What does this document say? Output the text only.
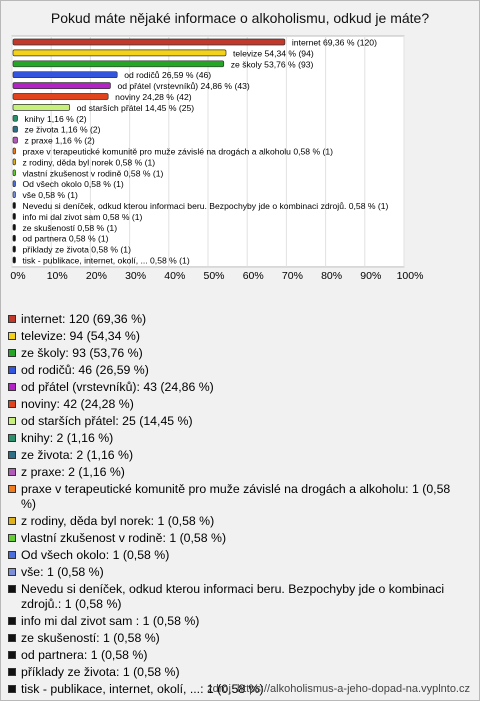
Pokud máte nějaké informace o alkoholismu, odkud je máte?
0% 10% 20% 30% 40% 50% 60% 70% 80% 90% 100%
internet 69,36 % (120)
televize 54,34 % (94)
ze školy 53,76 % (93)
od rodičů 26,59 % (46)
od přátel (vrstevníků) 24,86 % (43)
noviny 24,28 % (42)
od starších přátel 14,45 % (25)
knihy 1,16 % (2)
ze života 1,16 % (2)
z praxe 1,16 % (2)
praxe v terapeutické komunitě pro muže závislé na drogách a alkoholu 0,58 % (1)
z rodiny, děda byl norek 0,58 % (1)
vlastní zkušenost v rodině 0,58 % (1)
Od všech okolo 0,58 % (1)
vše 0,58 % (1)
Nevedu si deníček, odkud kterou informaci beru. Bezpochyby jde o kombinaci zdrojů. 0,58 % (1)
info mi dal zivot sam 0,58 % (1)
ze skušeností 0,58 % (1)
od partnera 0,58 % (1)
příklady ze života 0,58 % (1)
tisk - publikace, internet, okolí, ... 0,58 % (1)
internet: 120 (69,36 %)
televize: 94 (54,34 %)
ze školy: 93 (53,76 %)
od rodičů: 46 (26,59 %)
od přátel (vrstevníků): 43 (24,86 %)
noviny: 42 (24,28 %)
od starších přátel: 25 (14,45 %)
knihy: 2 (1,16 %)
ze života: 2 (1,16 %)
z praxe: 2 (1,16 %)
praxe v terapeutické komunitě pro muže závislé na drogách a alkoholu: 1 (0,58 %)
z rodiny, děda byl norek: 1 (0,58 %)
vlastní zkušenost v rodině: 1 (0,58 %)
Od všech okolo: 1 (0,58 %)
vše: 1 (0,58 %)
Nevedu si deníček, odkud kterou informaci beru. Bezpochyby jde o kombinaci zdrojů.: 1 (0,58 %)
info mi dal zivot sam : 1 (0,58 %)
ze skušeností: 1 (0,58 %)
od partnera: 1 (0,58 %)
příklady ze života: 1 (0,58 %)
tisk - publikace, internet, okolí, ...: 1 (0,58 %)
zdroj: https://alkoholismus-a-jeho-dopad-na.vyplnto.cz
